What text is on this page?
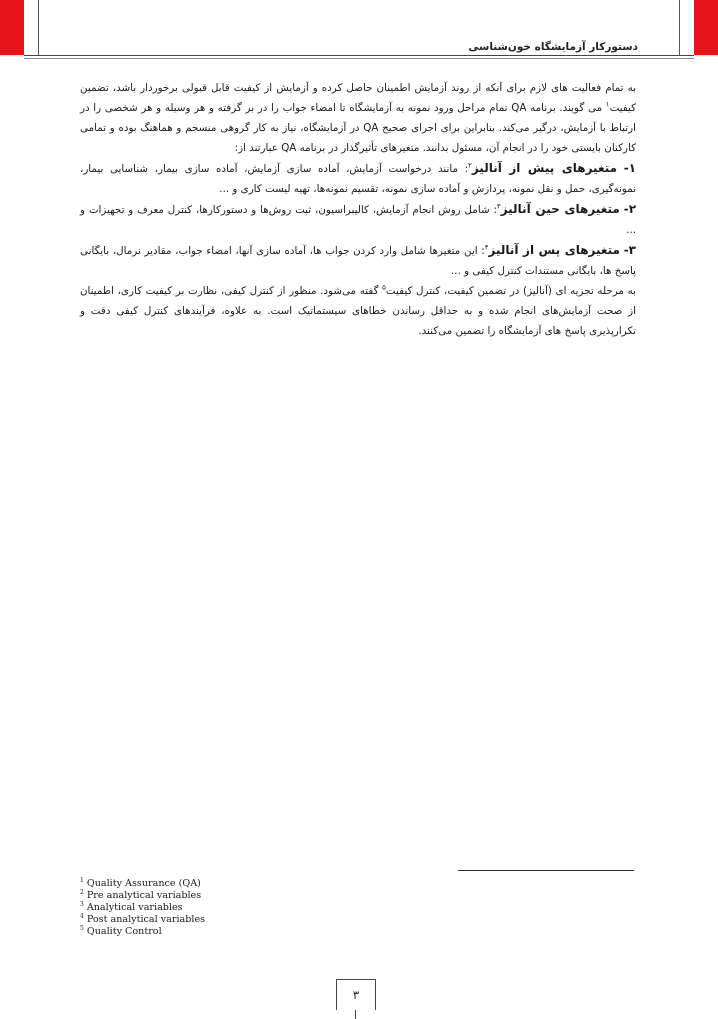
دستورکار آزمایشگاه خون‌شناسی

به تمام فعالیت های لازم برای آنکه از روند آزمایش اطمینان حاصل کرده و آزمایش از کیفیت قابل قبولی برخوردار باشد، تضمین کیفیت$^۱$ می گویند. برنامه QA تمام مراحل ورود نمونه به آزمایشگاه تا امضاء جواب را در بر گرفته و هر وسیله و هر شخصی را در ارتباط با آزمایش، درگیر می‌کند. بنابراین برای اجرای صحیح QA در آزمایشگاه، نیاز به کار گروهی منسجم و هماهنگ بوده و تمامی کارکنان بایستی خود را در انجام آن، مسئول بدانند. متغیرهای تأثیرگذار در برنامه QA عبارتند از:

۱- متغیرهای پیش از آنالیز$^۲$: مانند درخواست آزمایش، آماده سازی آزمایش، آماده سازی بیمار، شناسایی بیمار، نمونه‌گیری، حمل و نقل نمونه، پردازش و آماده سازی نمونه، تقسیم نمونه‌ها، تهیه لیست کاری و ...

۲- متغیرهای حین آنالیز$^۳$: شامل روش انجام آزمایش، کالیبراسیون، ثبت روش‌ها و دستورکارها، کنترل معرف و تجهیزات و ...

۳- متغیرهای پس از آنالیز$^۴$: این متغیرها شامل وارد کردن جواب ها، آماده سازی آنها، امضاء جواب، مقادیر نرمال، بایگانی پاسخ ها، بایگانی مستندات کنترل کیفی و ...

به مرحله تجزیه ای (آنالیز) در تضمین کیفیت، کنترل کیفیت$^۵$ گفته می‌شود. منظور از کنترل کیفی، نظارت بر کیفیت کاری، اطمینان از صحت آزمایش‌های انجام شده و به حداقل رساندن خطاهای سیستماتیک است. به علاوه، فرآیندهای کنترل کیفی دقت و تکرارپذیری پاسخ های آزمایشگاه را تضمین می‌کنند.

$^1$ Quality Assurance (QA)
$^2$ Pre analytical variables
$^3$ Analytical variables
$^4$ Post analytical variables
$^5$ Quality Control
۳
